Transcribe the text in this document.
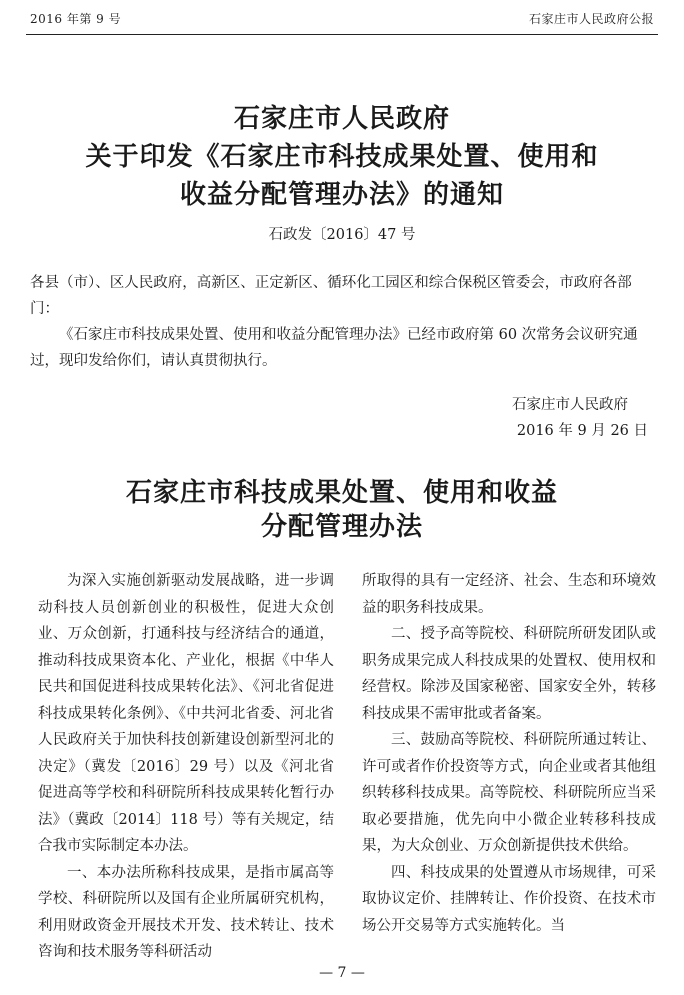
2016 年第 9 号	石家庄市人民政府公报
石家庄市人民政府
关于印发《石家庄市科技成果处置、使用和
收益分配管理办法》的通知
石政发〔2016〕47 号
各县（市）、区人民政府，高新区、正定新区、循环化工园区和综合保税区管委会，市政府各部门：
《石家庄市科技成果处置、使用和收益分配管理办法》已经市政府第 60 次常务会议研究通过，现印发给你们，请认真贯彻执行。
石家庄市人民政府
2016 年 9 月 26 日
石家庄市科技成果处置、使用和收益
分配管理办法

为深入实施创新驱动发展战略，进一步调动科技人员创新创业的积极性，促进大众创业、万众创新，打通科技与经济结合的通道，推动科技成果资本化、产业化，根据《中华人民共和国促进科技成果转化法》、《河北省促进科技成果转化条例》、《中共河北省委、河北省人民政府关于加快科技创新建设创新型河北的决定》（冀发〔2016〕29 号）以及《河北省促进高等学校和科研院所科技成果转化暂行办法》（冀政〔2014〕118 号）等有关规定，结合我市实际制定本办法。

一、本办法所称科技成果，是指市属高等学校、科研院所以及国有企业所属研究机构，利用财政资金开展技术开发、技术转让、技术咨询和技术服务等科研活动

所取得的具有一定经济、社会、生态和环境效益的职务科技成果。

二、授予高等院校、科研院所研发团队或职务成果完成人科技成果的处置权、使用权和经营权。除涉及国家秘密、国家安全外，转移科技成果不需审批或者备案。

三、鼓励高等院校、科研院所通过转让、许可或者作价投资等方式，向企业或者其他组织转移科技成果。高等院校、科研院所应当采取必要措施，优先向中小微企业转移科技成果，为大众创业、万众创新提供技术供给。

四、科技成果的处置遵从市场规律，可采取协议定价、挂牌转让、作价投资、在技术市场公开交易等方式实施转化。当

— 7 —
